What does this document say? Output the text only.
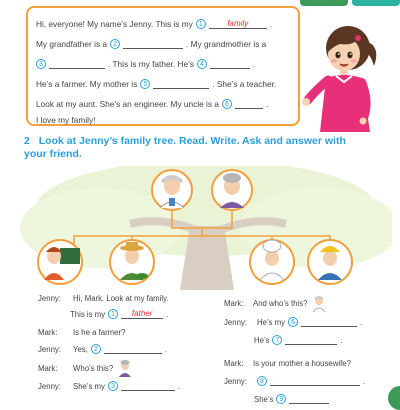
Hi, everyone! My name’s Jenny. This is my 1	family	.
My grandfather is a 2	. My grandmother is a
3	. This is my father. He’s 4	.
He’s a farmer. My mother is 5	. She’s a teacher.
Look at my aunt. She’s an engineer. My uncle is a 6	.
I love my family!
2 Look at Jenny’s family tree. Read. Write. Ask and answer with your friend.
Jenny:	Hi, Mark. Look at my family.
This is my 1	father	.
Mark:	Is he a farmer?
Jenny:	Yes, 2	.
Mark:	Who’s this?
Jenny:	She’s my 3	.
Mark:	And who’s this?
Jenny:	He’s my 6	.
He’s 7	.
Mark:	Is your mother a housewife?
Jenny:	8	.
She’s 9
